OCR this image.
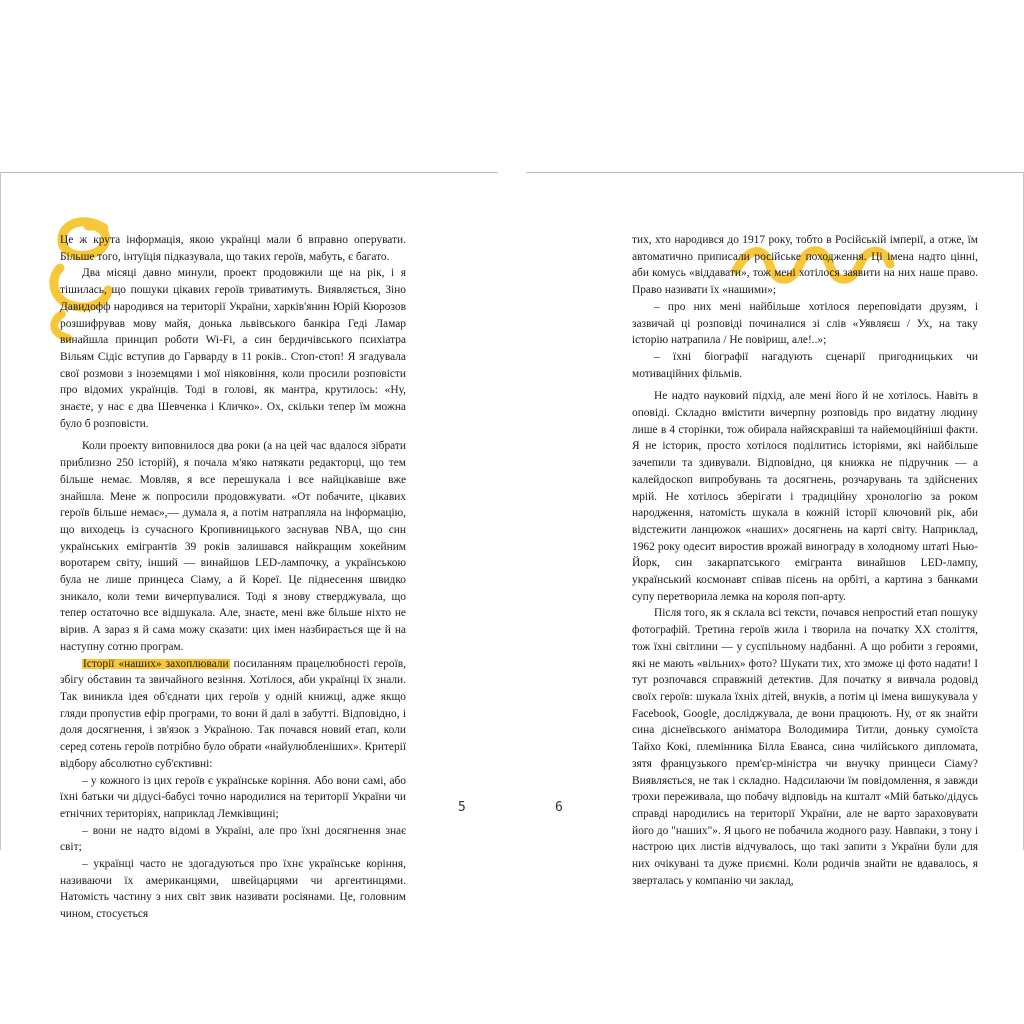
Це ж крута інформація, якою українці мали б вправно оперувати. Більше того, інтуїція підказувала, що таких героїв, мабуть, є багато.

Два місяці давно минули, проект продовжили ще на рік, і я тішилась, що пошуки цікавих героїв триватимуть. Виявляється, Зіно Давидофф народився на території України, харків'янин Юрій Кюрозов розшифрував мову майя, донька львівського банкіра Геді Ламар винайшла принцип роботи Wi-Fi, а син бердичівського психіатра Вільям Сідіс вступив до Гарварду в 11 років.. Стоп-стоп! Я згадувала свої розмови з іноземцями і мої ніяковіння, коли просили розповісти про відомих українців. Тоді в голові, як мантра, крутилось: «Ну, знаєте, у нас є два Шевченка і Кличко». Ох, скільки тепер їм можна було б розповісти.

Коли проекту виповнилося два роки (а на цей час вдалося зібрати приблизно 250 історій), я почала м'яко натякати редакторці, що тем більше немає. Мовляв, я все перешукала і все найцікавіше вже знайшла. Мене ж попросили продовжувати. «От побачите, цікавих героїв більше немає»,— думала я, а потім натрапляла на інформацію, що виходець із сучасного Кропивницького заснував NBA, що син українських емігрантів 39 років залишався найкращим хокейним воротарем світу, інший — винайшов LED-лампочку, а українською була не лише принцеса Сіаму, а й Кореї. Це піднесення швидко зникало, коли теми вичерпувалися. Тоді я знову стверджувала, що тепер остаточно все відшукала. Але, знаєте, мені вже більше ніхто не вірив. А зараз я й сама можу сказати: цих імен назбирається ще й на наступну сотню програм.

Історії «наших» захоплювали посиланням працелюбності героїв, збігу обставин та звичайного везіння. Хотілося, аби українці їх знали. Так виникла ідея об'єднати цих героїв у одній книжці, адже якщо гляди пропустив ефір програми, то вони й далі в забутті. Відповідно, і доля досягнення, і зв'язок з Україною. Так почався новий етап, коли серед сотень героїв потрібно було обрати «найулюбленіших». Критерії відбору абсолютно суб'єктивні:

– у кожного із цих героїв є українське коріння. Або вони самі, або їхні батьки чи дідусі-бабусі точно народилися на території України чи етнічних територіях, наприклад Лемківщині;

– вони не надто відомі в Україні, але про їхні досягнення знає світ;

– українці часто не здогадуються про їхнє українське коріння, називаючи їх американцями, швейцарцями чи аргентинцями. Натомість частину з них світ звик називати росіянами. Це, головним чином, стосується

тих, хто народився до 1917 року, тобто в Російській імперії, а отже, їм автоматично приписали російське походження. Ці імена надто цінні, аби комусь «віддавати», тож мені хотілося заявити на них наше право. Право називати їх «нашими»;

– про них мені найбільше хотілося переповідати друзям, і зазвичай ці розповіді починалися зі слів «Уявляєш / Ух, на таку історію натрапила / Не повіриш, але!..»;

– їхні біографії нагадують сценарії пригодницьких чи мотиваційних фільмів.

Не надто науковий підхід, але мені його й не хотілось. Навіть в оповіді. Складно вмістити вичерпну розповідь про видатну людину лише в 4 сторінки, тож обирала найяскравіші та найемоційніші факти. Я не історик, просто хотілося поділитись історіями, які найбільше зачепили та здивували. Відповідно, ця книжка не підручник — а калейдоскоп випробувань та досягнень, розчарувань та здійснених мрій. Не хотілось зберігати і традиційну хронологію за роком народження, натомість шукала в кожній історії ключовий рік, аби відстежити ланцюжок «наших» досягнень на карті світу. Наприклад, 1962 року одесит виростив врожай винограду в холодному штаті Нью-Йорк, син закарпатського емігранта винайшов LED-лампу, український космонавт співав пісень на орбіті, а картина з банками супу перетворила лемка на короля поп-арту.

Після того, як я склала всі тексти, почався непростий етап пошуку фотографій. Третина героїв жила і творила на початку XX століття, тож їхні світлини — у суспільному надбанні. А що робити з героями, які не мають «вільних» фото? Шукати тих, хто зможе ці фото надати! І тут розпочався справжній детектив. Для початку я вивчала родовід своїх героїв: шукала їхніх дітей, внуків, а потім ці імена вишукувала у Facebook, Google, досліджувала, де вони працюють. Ну, от як знайти сина діснеївського аніматора Володимира Титли, доньку сумоїста Тайхо Кокі, племінника Білла Еванса, сина чилійського дипломата, зятя французького прем'єр-міністра чи внучку принцеси Сіаму? Виявляється, не так і складно. Надсилаючи їм повідомлення, я завжди трохи переживала, що побачу відповідь на кшталт «Мій батько/дідусь справді народились на території України, але не варто зараховувати його до "наших"». Я цього не побачила жодного разу. Навпаки, з тону і настрою цих листів відчувалось, що такі запити з України були для них очікувані та дуже приємні. Коли родичів знайти не вдавалось, я зверталась у компанію чи заклад,

5	6
